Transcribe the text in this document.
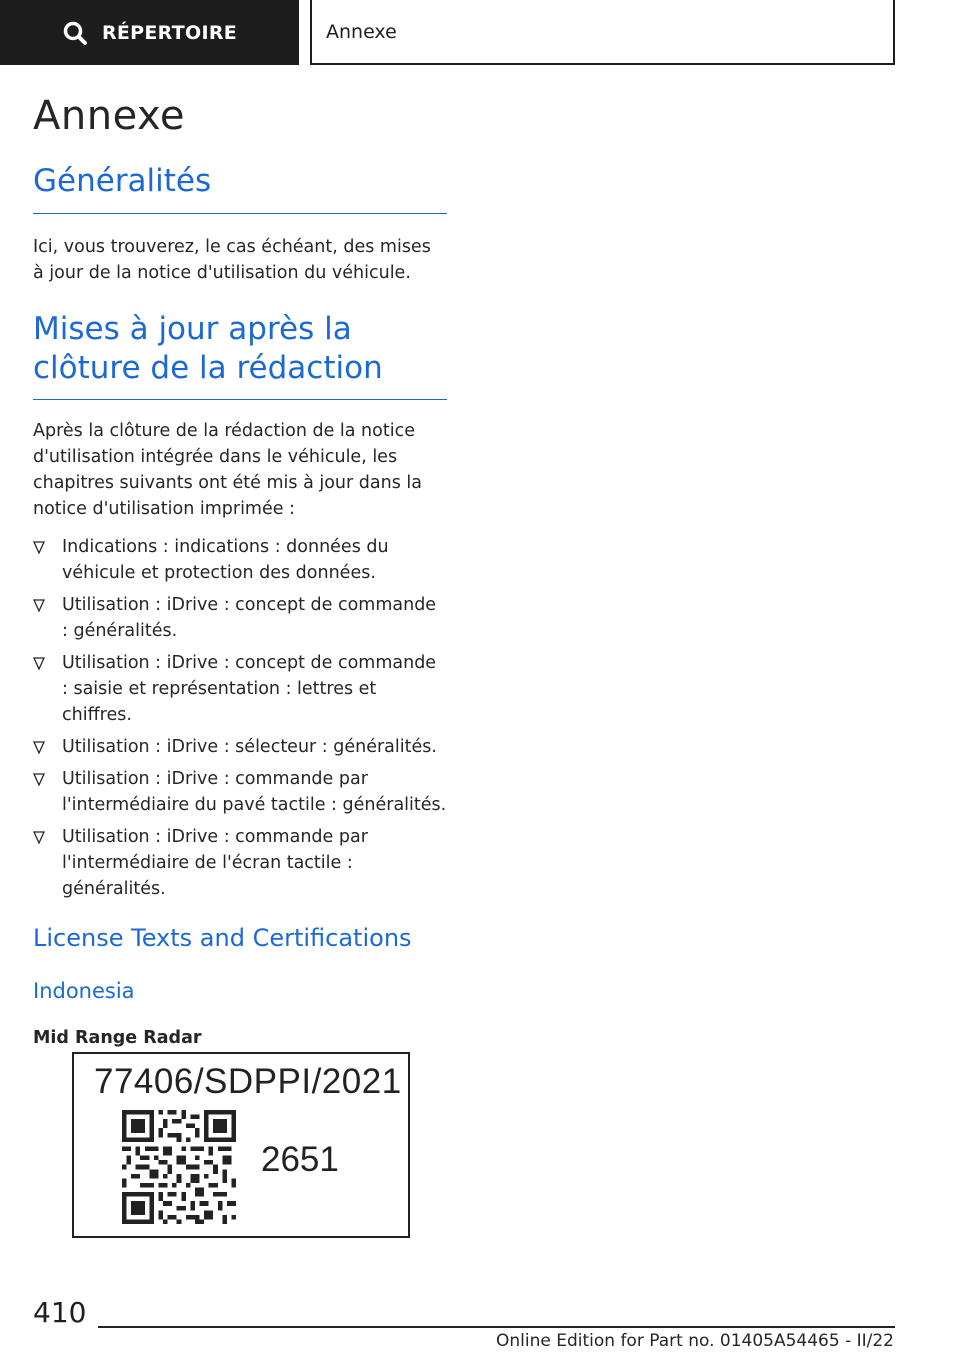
RÉPERTOIRE	Annexe
Annexe
Généralités

Ici, vous trouverez, le cas échéant, des mises à jour de la notice d'utilisation du véhicule.

Mises à jour après la clôture de la rédaction

Après la clôture de la rédaction de la notice d'utilisation intégrée dans le véhicule, les chapitres suivants ont été mis à jour dans la notice d'utilisation imprimée :

Indications : indications : données du véhicule et protection des données.
Utilisation : iDrive : concept de commande : généralités.
Utilisation : iDrive : concept de commande : saisie et représentation : lettres et chiffres.
Utilisation : iDrive : sélecteur : généralités.
Utilisation : iDrive : commande par l'intermédiaire du pavé tactile : généralités.
Utilisation : iDrive : commande par l'intermédiaire de l'écran tactile : généralités.
License Texts and Certifications
Indonesia

Mid Range Radar

77406/SDPPI/2021
2651
410
Online Edition for Part no. 01405A54465 - II/22
